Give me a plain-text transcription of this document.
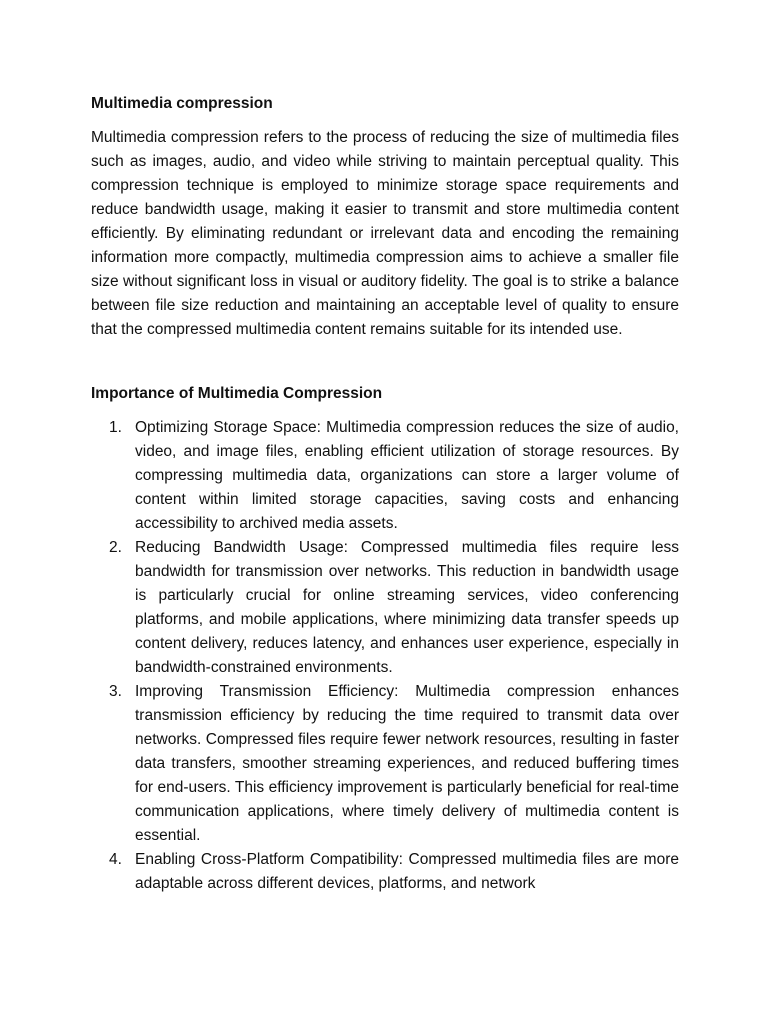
Multimedia compression

Multimedia compression refers to the process of reducing the size of multimedia files such as images, audio, and video while striving to maintain perceptual quality. This compression technique is employed to minimize storage space requirements and reduce bandwidth usage, making it easier to transmit and store multimedia content efficiently. By eliminating redundant or irrelevant data and encoding the remaining information more compactly, multimedia compression aims to achieve a smaller file size without significant loss in visual or auditory fidelity. The goal is to strike a balance between file size reduction and maintaining an acceptable level of quality to ensure that the compressed multimedia content remains suitable for its intended use.

Importance of Multimedia Compression
1. Optimizing Storage Space: Multimedia compression reduces the size of audio, video, and image files, enabling efficient utilization of storage resources. By compressing multimedia data, organizations can store a larger volume of content within limited storage capacities, saving costs and enhancing accessibility to archived media assets.
2. Reducing Bandwidth Usage: Compressed multimedia files require less bandwidth for transmission over networks. This reduction in bandwidth usage is particularly crucial for online streaming services, video conferencing platforms, and mobile applications, where minimizing data transfer speeds up content delivery, reduces latency, and enhances user experience, especially in bandwidth-constrained environments.
3. Improving Transmission Efficiency: Multimedia compression enhances transmission efficiency by reducing the time required to transmit data over networks. Compressed files require fewer network resources, resulting in faster data transfers, smoother streaming experiences, and reduced buffering times for end-users. This efficiency improvement is particularly beneficial for real-time communication applications, where timely delivery of multimedia content is essential.
4. Enabling Cross-Platform Compatibility: Compressed multimedia files are more adaptable across different devices, platforms, and network
